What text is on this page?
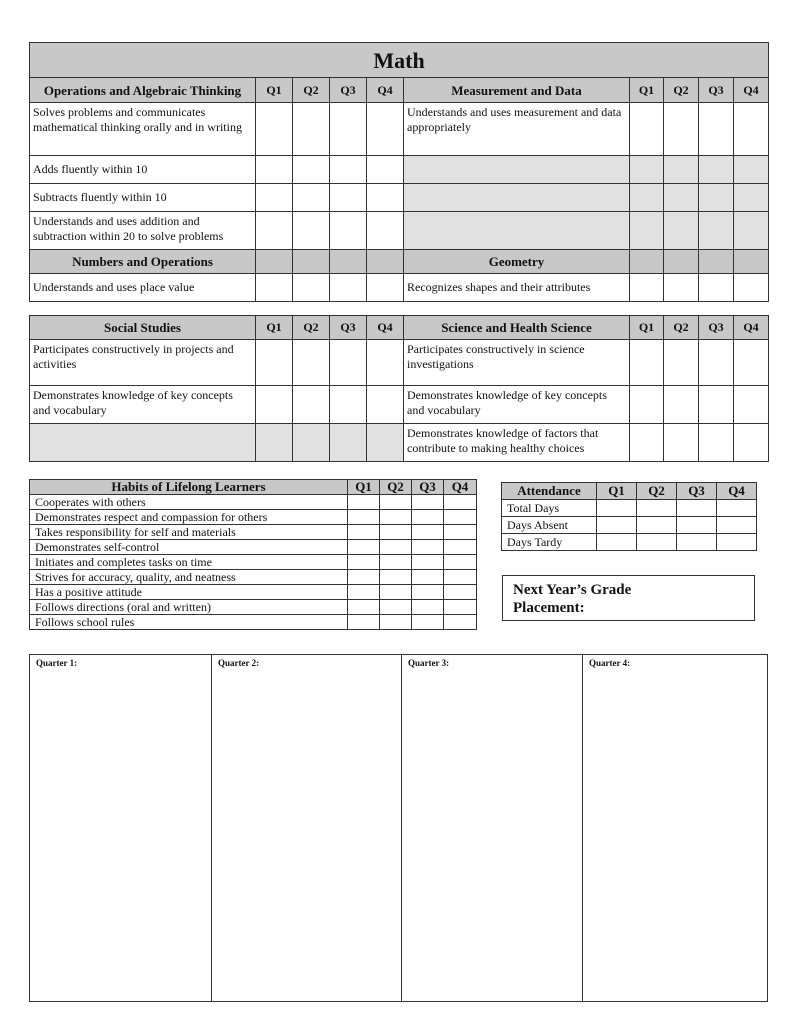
Math									
Operations and Algebraic Thinking	Q1	Q2	Q3	Q4	Measurement and Data	Q1	Q2	Q3	Q4
Solves problems and communicates mathematical thinking orally and in writing					Understands and uses measurement and data appropriately				
Adds fluently within 10									
Subtracts fluently within 10									
Understands and uses addition and subtraction within 20 to solve problems									
Numbers and Operations					Geometry				
Understands and uses place value					Recognizes shapes and their attributes				
Social Studies	Q1	Q2	Q3	Q4	Science and Health Science	Q1	Q2	Q3	Q4
Participates constructively in projects and activities					Participates constructively in science investigations				
Demonstrates knowledge of key concepts and vocabulary					Demonstrates knowledge of key concepts and vocabulary				
					Demonstrates knowledge of factors that contribute to making healthy choices				
Habits of Lifelong Learners	Q1	Q2	Q3	Q4
Cooperates with others				
Demonstrates respect and compassion for others				
Takes responsibility for self and materials				
Demonstrates self-control				
Initiates and completes tasks on time				
Strives for accuracy, quality, and neatness				
Has a positive attitude				
Follows directions (oral and written)				
Follows school rules				
Attendance	Q1	Q2	Q3	Q4
Total Days				
Days Absent				
Days Tardy				
Next Year’s Grade
Placement:
Quarter 1:	Quarter 2:	Quarter 3:	Quarter 4:
